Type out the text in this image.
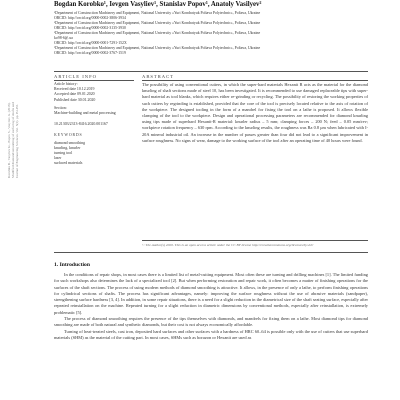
Korobko B., Vasyliev Ie., Popov S., Vasyliev A. (2018). Modified diamond smoothing of surfacing of shafts and Journal of Engineering Sciences. Vol. 5(2). pp. B1-B5.
Bogdan Korobko¹, Ievgen Vasyliev¹, Stanislav Popov¹, Anatoly Vasilyev²
¹Department of Construction Machinery and Equipment, National University «Yuri Kondratyuk Poltava Polytechnic», Poltava, Ukraine
ORCID: http://orcid.org/0000-0002-3806-3934
¹Department of Construction Machinery and Equipment, National University «Yuri Kondratyuk Poltava Polytechnic», Poltava, Ukraine
ORCID: http://orcid.org/0000-0002-3135-3930
¹Department of Construction Machinery and Equipment, National University «Yuri Kondratyuk Poltava Polytechnic», Poltava, Ukraine
ko98-6@.ua
ORCID: http://orcid.org/0000-0001-7291-152X
²Department of Construction Machinery and Equipment, National University «Yuri Kondratyuk Poltava Polytechnic», Poltava, Ukraine
ORCID: http://orcid.org/0000-0002-3767-1519
ARTICLE INFO	ABSTRACT
Article history:
Received date 10.12.2019
Accepted date 09.01.2020
Published date 30.01.2020
Section:
Machine-building and metal processing
10.21303/2313-8416.2020.001167
KEYWORDS
diamond smoothing
knurling, knurler
turning tool
laser
surfaced materials
The possibility of using conventional cutters, in which the super-hard materials Hexanit R acts as the material for the diamond knurling of shaft sections made of steel 10, has been investigated. It is recommended to use damaged replaceable tips with super-hard material as tool blanks, which requires either re-grinding or recycling. The possibility of restoring the working properties of such cutters by regrinding is established, provided that the core of the tool is precisely located relative to the axis of rotation of the workpiece. The designed tooling in the form of a mandrel for fixing the tool on a lathe is proposed. It allows flexible clamping of the tool to the workpiece. Design and operational processing parameters are recommended for diamond knurling using tips made of superhard Hexanit-R material: knurler radius – 5 mm; clamping forces – 200 N; feed – 0.05 mm/rev; workpiece rotation frequency – 630 rpm. According to the knurling results, the roughness was Ra 0.8 μm when lubricated with I-20A mineral industrial oil. An increase in the number of passes greater than four did not lead to a significant improvement in surface roughness. No signs of wear, damage to the working surface of the tool after an operating time of 40 hours were found.
© The Author(s) 2020. This is an open access article under the CC BY license http://creativecommons.org/licenses/by/4.0/
1. Introduction

In the conditions of repair shops, in most cases there is a limited list of metal-cutting equipment. Most often these are turning and drilling machines [1]. The limited funding for such workshops also determines the lack of a specialized tool [2]. But when performing restoration and repair work, it often becomes a matter of finishing operations for the surfaces of the shaft sections. The process of using modern methods of diamond smoothing is attractive. It allows, in the presence of only a lathe, to perform finishing operations for cylindrical sections of shafts. The process has significant advantages, namely: improving the surface roughness without the use of abrasive materials (sandpaper), strengthening surface hardness [3, 4]. In addition, in some repair situations, there is a need for a slight reduction in the diametrical size of the shaft seating surface, especially after repeated reinstallation on the machine. Repeated turning for a slight reduction in diametric dimensions by conventional methods, especially after reinstallation, is extremely problematic [5].

The process of diamond smoothing requires the presence of the tips themselves with diamonds, and mandrels for fixing them on a lathe. Most diamond tips for diamond smoothing are made of both natural and synthetic diamonds, but their cost is not always economically affordable.

Turning of heat-treated steels, cast iron, deposited hard surfaces and other surfaces with a hardness of HRC 60–64 is possible only with the use of cutters that use superhard materials (SHM) as the material of the cutting part. In most cases, SHMs such as borazon or Hexanit are used as
